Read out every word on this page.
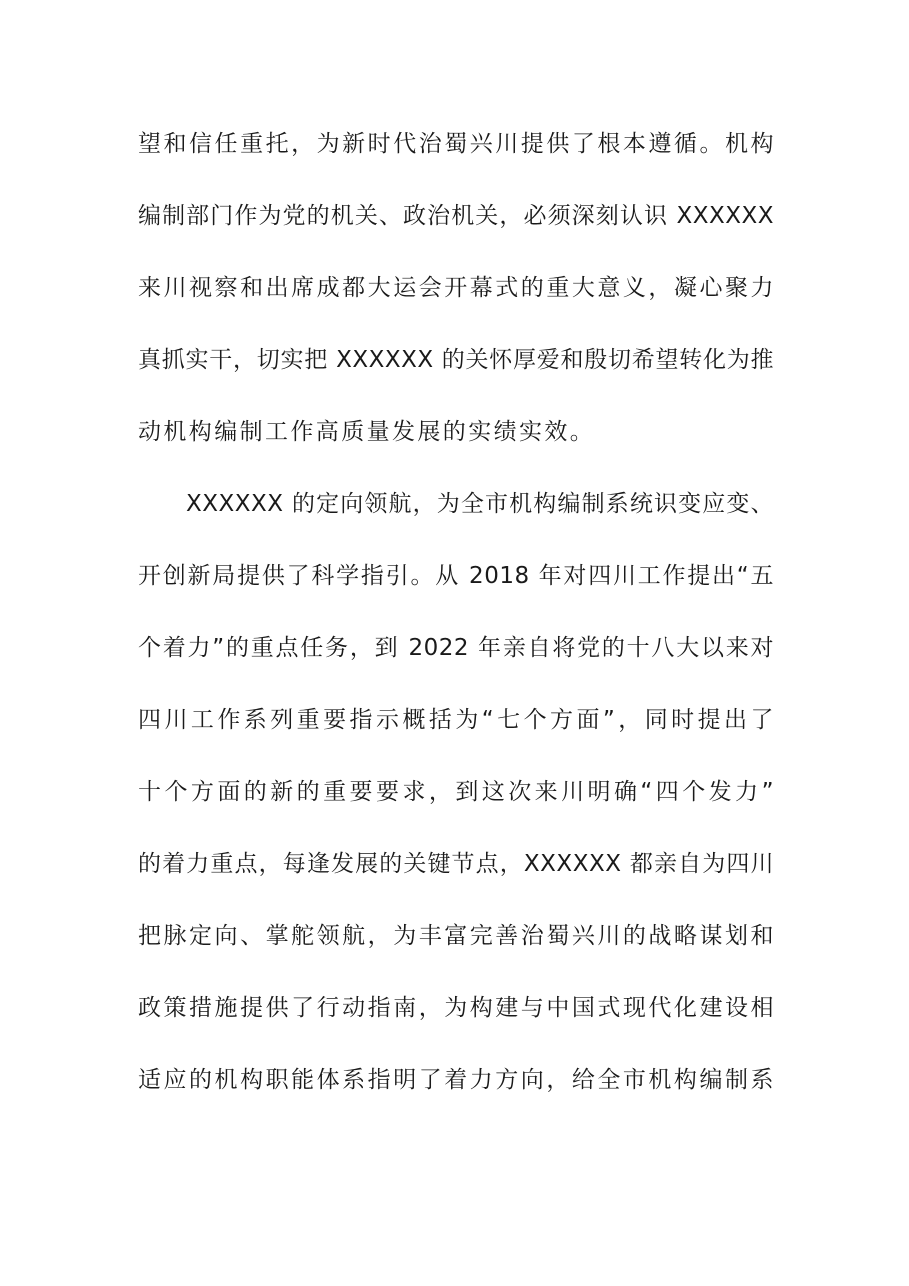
望和信任重托，为新时代治蜀兴川提供了根本遵循。机构
编制部门作为党的机关、政治机关，必须深刻认识 XXXXXX
来川视察和出席成都大运会开幕式的重大意义，凝心聚力
真抓实干，切实把 XXXXXX 的关怀厚爱和殷切希望转化为推
动机构编制工作高质量发展的实绩实效。
XXXXXX 的定向领航，为全市机构编制系统识变应变、
开创新局提供了科学指引。从 2018 年对四川工作提出“五
个着力”的重点任务，到 2022 年亲自将党的十八大以来对
四川工作系列重要指示概括为“七个方面”，同时提出了
十个方面的新的重要要求，到这次来川明确“四个发力”
的着力重点，每逢发展的关键节点，XXXXXX 都亲自为四川
把脉定向、掌舵领航，为丰富完善治蜀兴川的战略谋划和
政策措施提供了行动指南，为构建与中国式现代化建设相
适应的机构职能体系指明了着力方向，给全市机构编制系
